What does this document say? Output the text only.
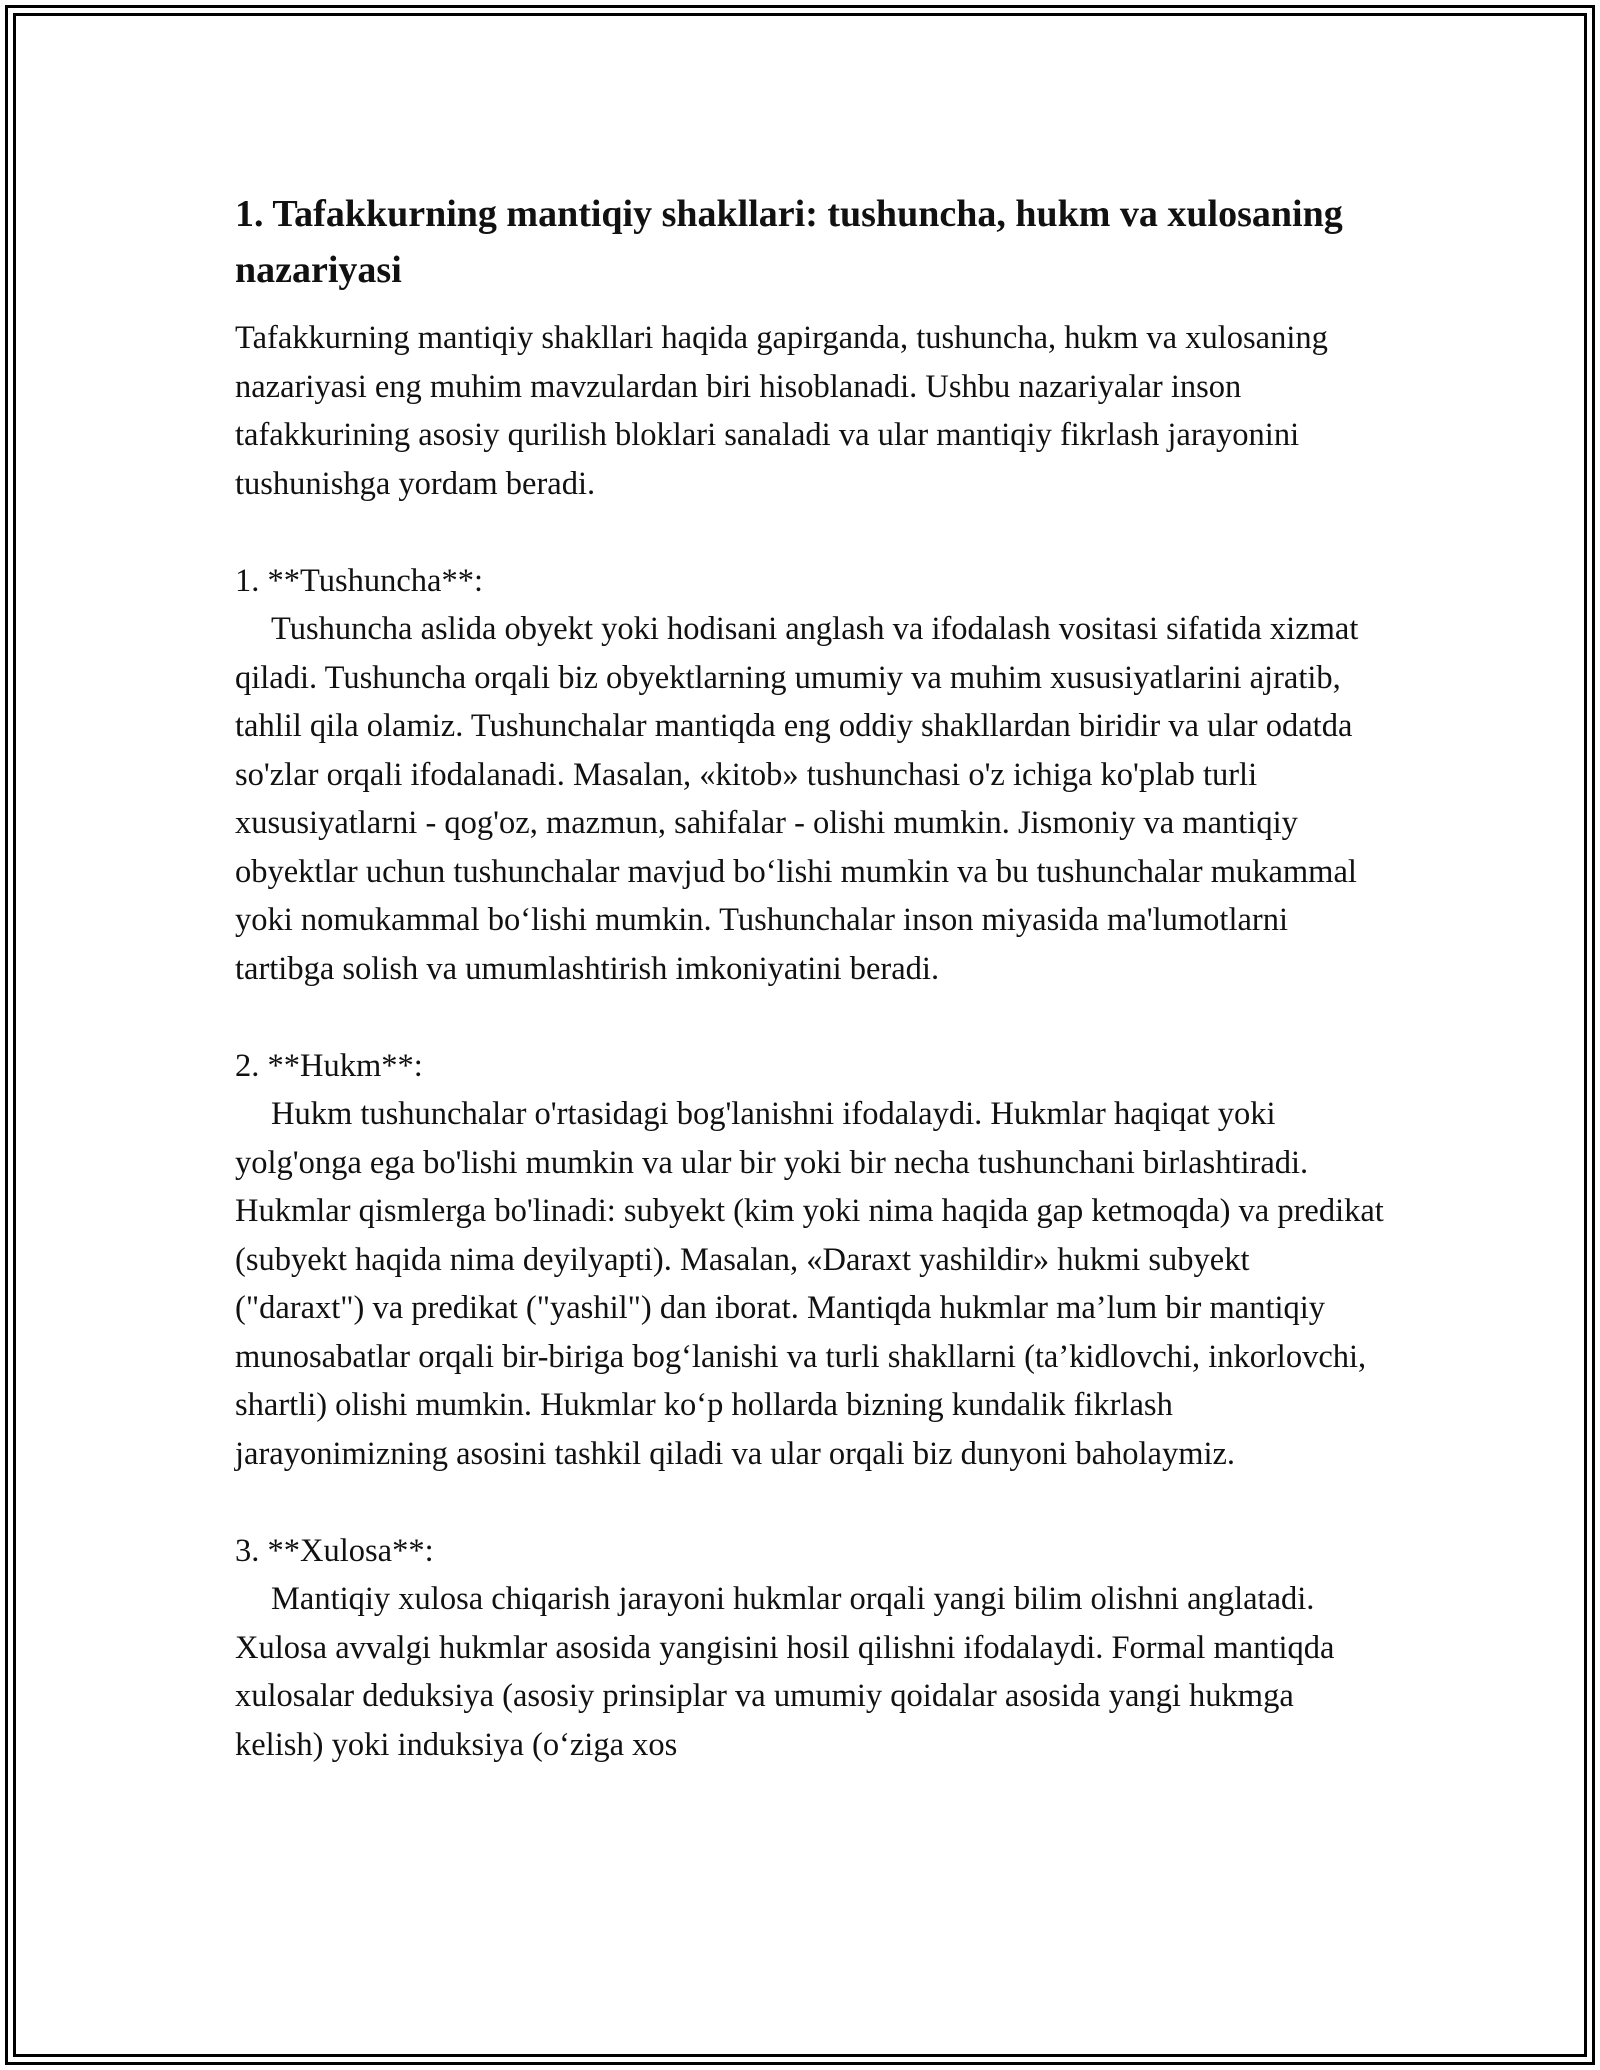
1. Tafakkurning mantiqiy shakllari: tushuncha, hukm va xulosaning nazariyasi

Tafakkurning mantiqiy shakllari haqida gapirganda, tushuncha, hukm va xulosaning nazariyasi eng muhim mavzulardan biri hisoblanadi. Ushbu nazariyalar inson tafakkurining asosiy qurilish bloklari sanaladi va ular mantiqiy fikrlash jarayonini tushunishga yordam beradi.

1. **Tushuncha**:

Tushuncha aslida obyekt yoki hodisani anglash va ifodalash vositasi sifatida xizmat qiladi. Tushuncha orqali biz obyektlarning umumiy va muhim xususiyatlarini ajratib, tahlil qila olamiz. Tushunchalar mantiqda eng oddiy shakllardan biridir va ular odatda so'zlar orqali ifodalanadi. Masalan, «kitob» tushunchasi o'z ichiga ko'plab turli xususiyatlarni - qog'oz, mazmun, sahifalar - olishi mumkin. Jismoniy va mantiqiy obyektlar uchun tushunchalar mavjud boʻlishi mumkin va bu tushunchalar mukammal yoki nomukammal boʻlishi mumkin. Tushunchalar inson miyasida ma'lumotlarni tartibga solish va umumlashtirish imkoniyatini beradi.

2. **Hukm**:

Hukm tushunchalar o'rtasidagi bog'lanishni ifodalaydi. Hukmlar haqiqat yoki yolg'onga ega bo'lishi mumkin va ular bir yoki bir necha tushunchani birlashtiradi. Hukmlar qismlerga bo'linadi: subyekt (kim yoki nima haqida gap ketmoqda) va predikat (subyekt haqida nima deyilyapti). Masalan, «Daraxt yashildir» hukmi subyekt ("daraxt") va predikat ("yashil") dan iborat. Mantiqda hukmlar ma’lum bir mantiqiy munosabatlar orqali bir-biriga bogʻlanishi va turli shakllarni (ta’kidlovchi, inkorlovchi, shartli) olishi mumkin. Hukmlar koʻp hollarda bizning kundalik fikrlash jarayonimizning asosini tashkil qiladi va ular orqali biz dunyoni baholaymiz.

3. **Xulosa**:

Mantiqiy xulosa chiqarish jarayoni hukmlar orqali yangi bilim olishni anglatadi. Xulosa avvalgi hukmlar asosida yangisini hosil qilishni ifodalaydi. Formal mantiqda xulosalar deduksiya (asosiy prinsiplar va umumiy qoidalar asosida yangi hukmga kelish) yoki induksiya (oʻziga xos
